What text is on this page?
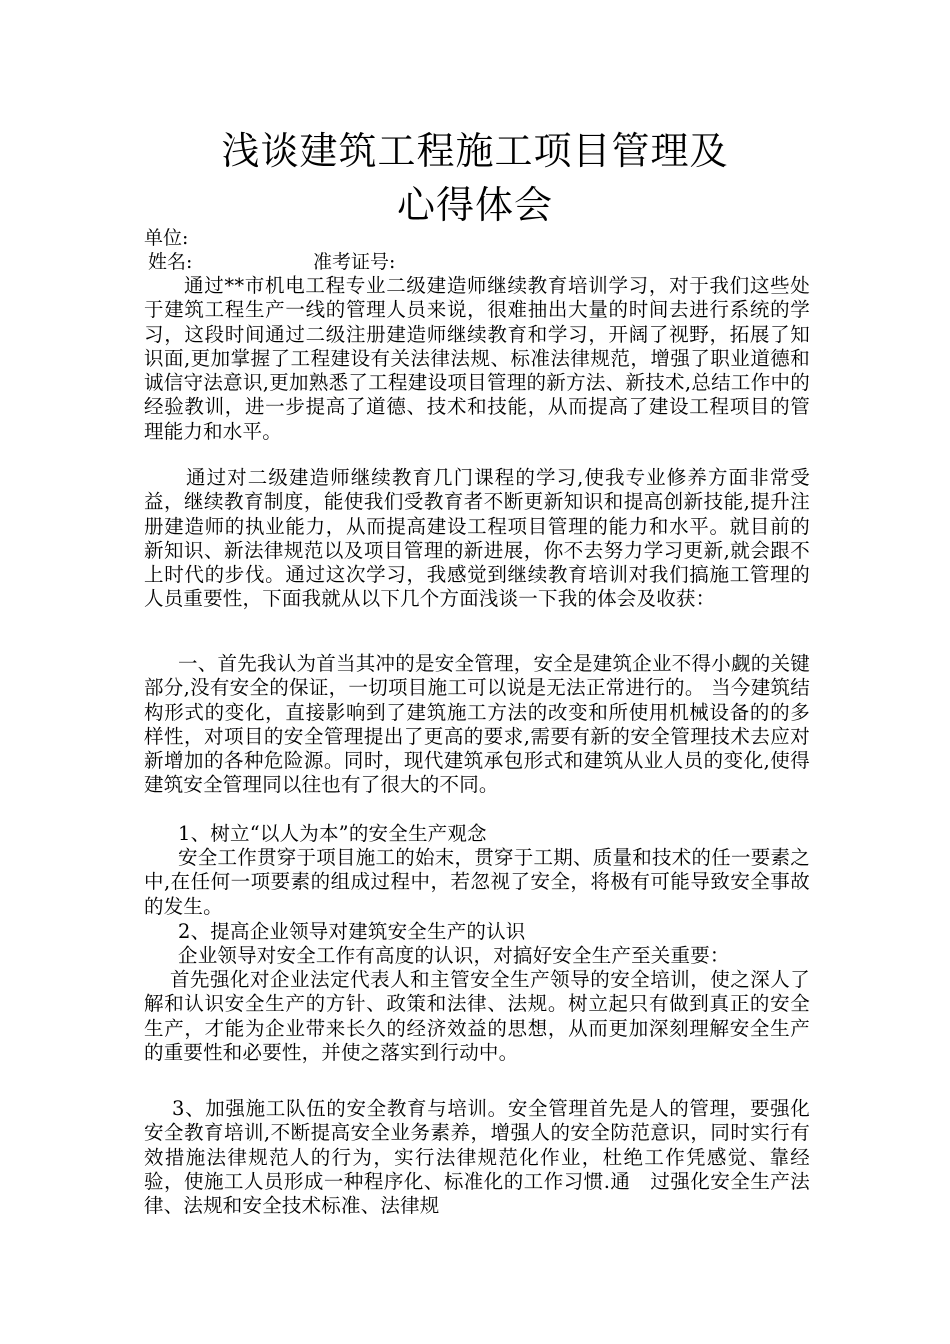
浅谈建筑工程施工项目管理及
心得体会
单位:
姓名:	准考证号:
通过**市机电工程专业二级建造师继续教育培训学习，对于我们这些处于建筑工程生产一线的管理人员来说，很难抽出大量的时间去进行系统的学习，这段时间通过二级注册建造师继续教育和学习，开阔了视野，拓展了知识面,更加掌握了工程建设有关法律法规、标准法律规范，增强了职业道德和诚信守法意识,更加熟悉了工程建设项目管理的新方法、新技术,总结工作中的经验教训，进一步提高了道德、技术和技能，从而提高了建设工程项目的管理能力和水平。
通过对二级建造师继续教育几门课程的学习,使我专业修养方面非常受益，继续教育制度，能使我们受教育者不断更新知识和提高创新技能,提升注册建造师的执业能力，从而提高建设工程项目管理的能力和水平。就目前的新知识、新法律规范以及项目管理的新进展，你不去努力学习更新,就会跟不上时代的步伐。通过这次学习，我感觉到继续教育培训对我们搞施工管理的人员重要性，下面我就从以下几个方面浅谈一下我的体会及收获：
一、首先我认为首当其冲的是安全管理，安全是建筑企业不得小觑的关键部分,没有安全的保证，一切项目施工可以说是无法正常进行的。 当今建筑结构形式的变化，直接影响到了建筑施工方法的改变和所使用机械设备的的多样性，对项目的安全管理提出了更高的要求,需要有新的安全管理技术去应对新增加的各种危险源。同时，现代建筑承包形式和建筑从业人员的变化,使得建筑安全管理同以往也有了很大的不同。
1、树立“以人为本”的安全生产观念
安全工作贯穿于项目施工的始末，贯穿于工期、质量和技术的任一要素之中,在任何一项要素的组成过程中，若忽视了安全，将极有可能导致安全事故的发生。
2、提高企业领导对建筑安全生产的认识
企业领导对安全工作有高度的认识，对搞好安全生产至关重要：
首先强化对企业法定代表人和主管安全生产领导的安全培训，使之深人了解和认识安全生产的方针、政策和法律、法规。树立起只有做到真正的安全生产，才能为企业带来长久的经济效益的思想，从而更加深刻理解安全生产的重要性和必要性，并使之落实到行动中。
3、加强施工队伍的安全教育与培训。安全管理首先是人的管理，要强化安全教育培训,不断提高安全业务素养，增强人的安全防范意识，同时实行有效措施法律规范人的行为，实行法律规范化作业，杜绝工作凭感觉、靠经验，使施工人员形成一种程序化、标准化的工作习惯.通　过强化安全生产法律、法规和安全技术标准、法律规
